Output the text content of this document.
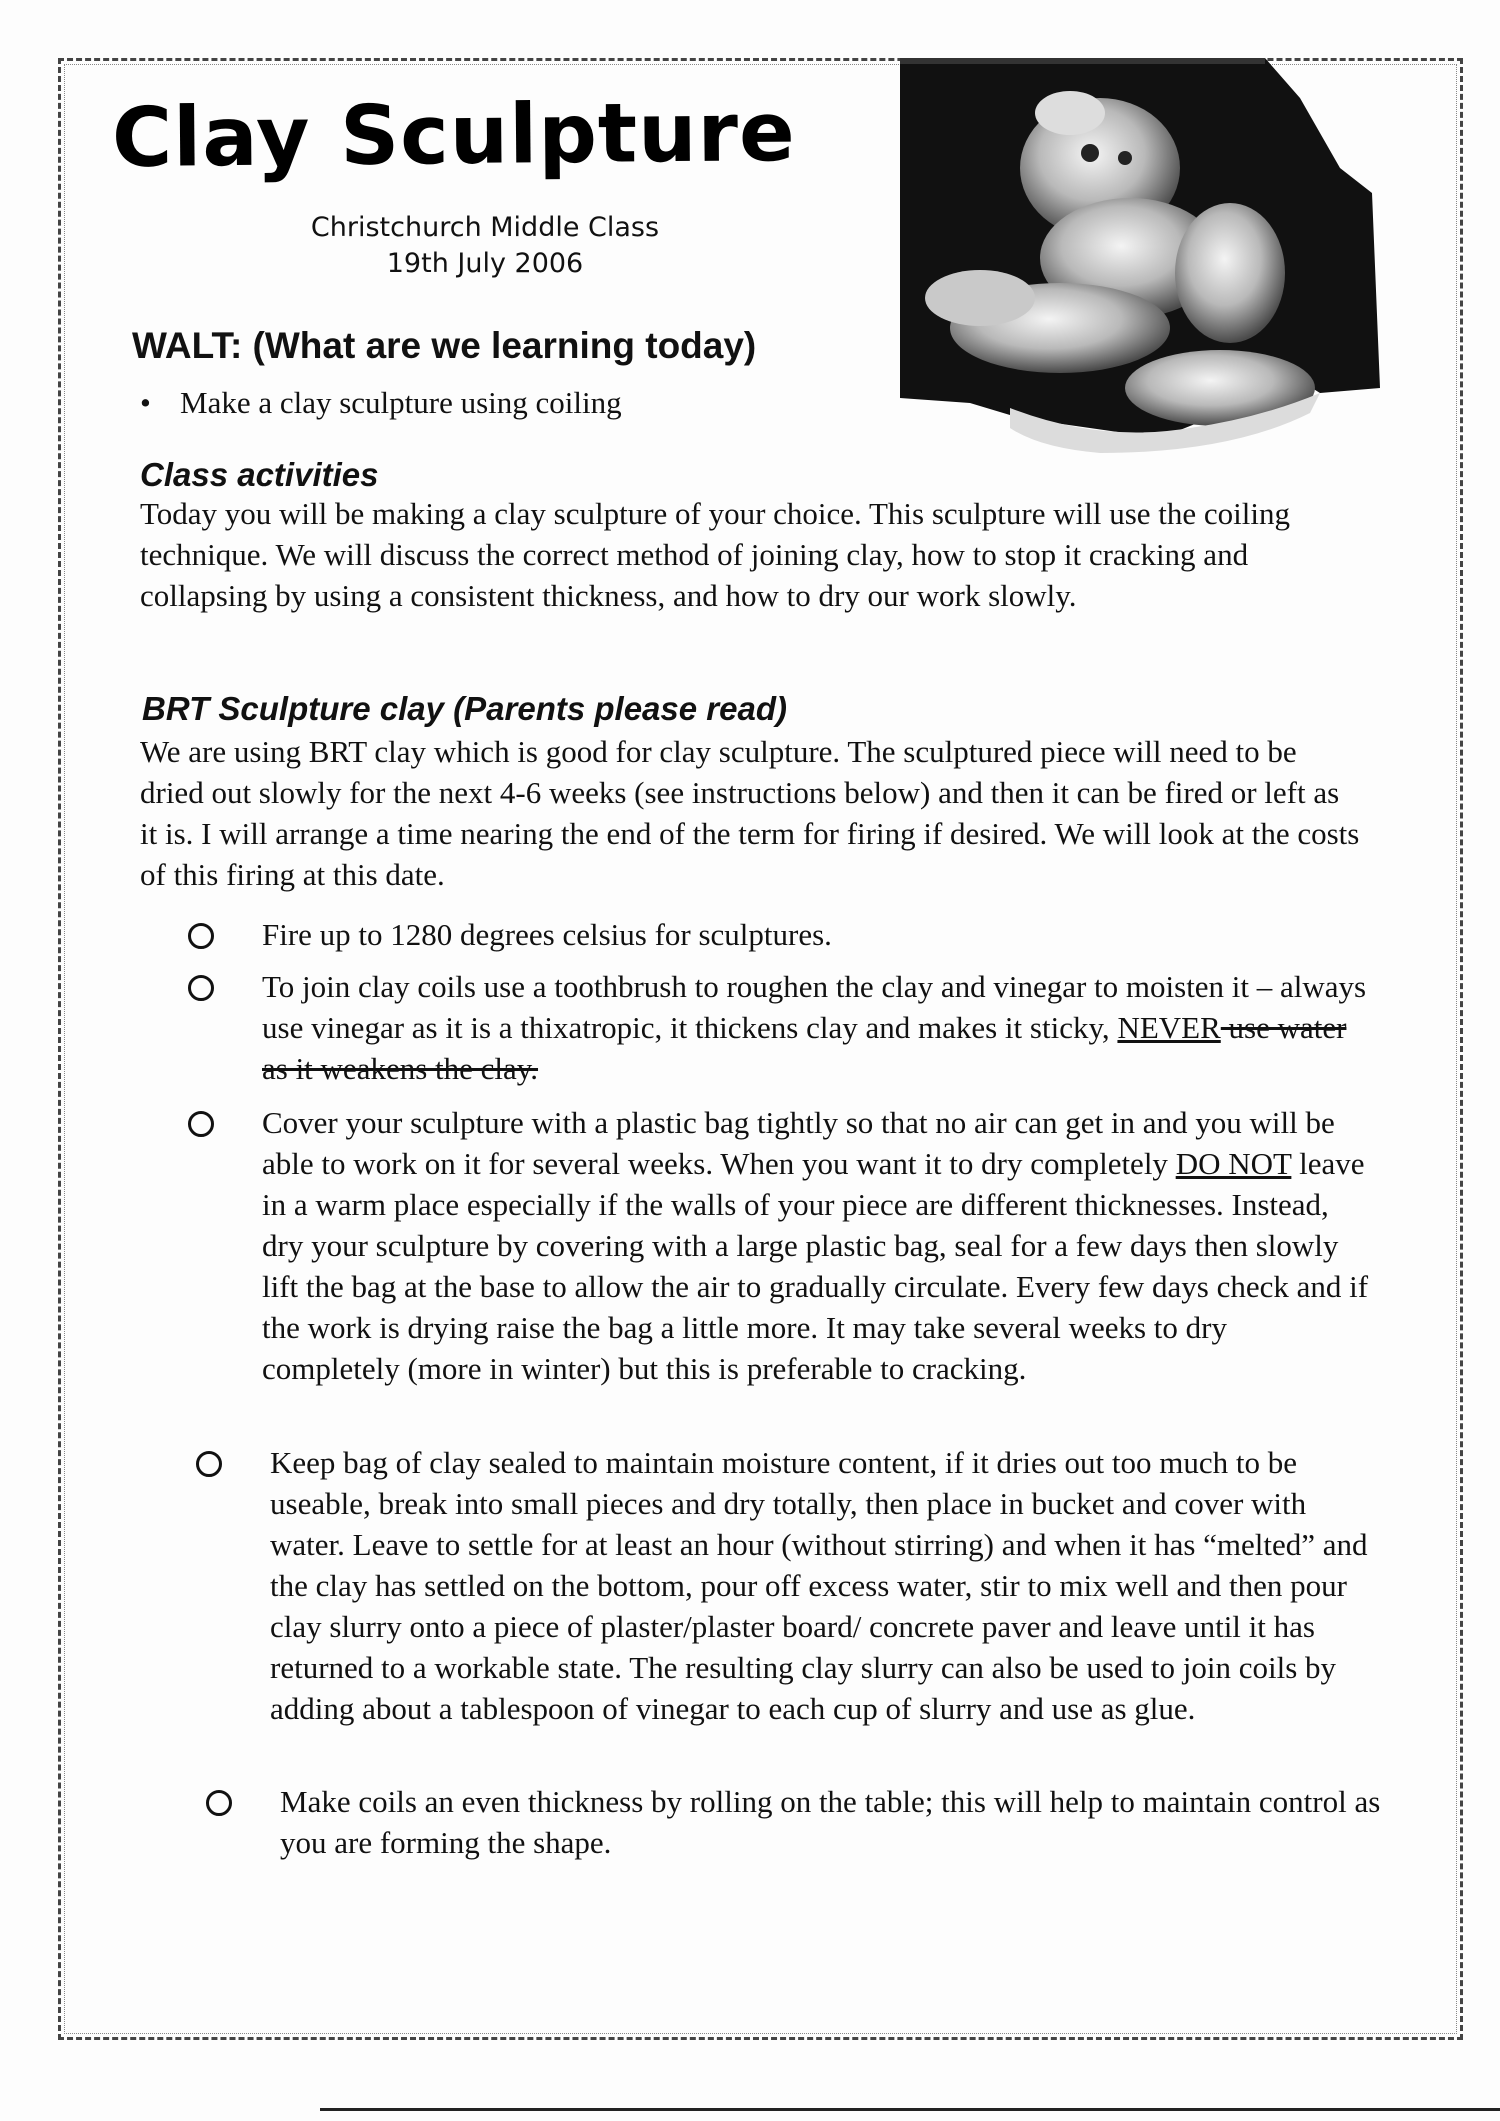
Clay Sculpture
Christchurch Middle Class
19th July 2006
WALT: (What are we learning today)
• Make a clay sculpture using coiling
Class activities

Today you will be making a clay sculpture of your choice. This sculpture will use the coiling technique. We will discuss the correct method of joining clay, how to stop it cracking and collapsing by using a consistent thickness, and how to dry our work slowly.

BRT Sculpture clay (Parents please read)

We are using BRT clay which is good for clay sculpture. The sculptured piece will need to be dried out slowly for the next 4-6 weeks (see instructions below) and then it can be fired or left as it is. I will arrange a time nearing the end of the term for firing if desired. We will look at the costs of this firing at this date.

Fire up to 1280 degrees celsius for sculptures.

To join clay coils use a toothbrush to roughen the clay and vinegar to moisten it – always use vinegar as it is a thixatropic, it thickens clay and makes it sticky, NEVER use water as it weakens the clay.

Cover your sculpture with a plastic bag tightly so that no air can get in and you will be able to work on it for several weeks. When you want it to dry completely DO NOT leave in a warm place especially if the walls of your piece are different thicknesses. Instead, dry your sculpture by covering with a large plastic bag, seal for a few days then slowly lift the bag at the base to allow the air to gradually circulate. Every few days check and if the work is drying raise the bag a little more. It may take several weeks to dry completely (more in winter) but this is preferable to cracking.

Keep bag of clay sealed to maintain moisture content, if it dries out too much to be useable, break into small pieces and dry totally, then place in bucket and cover with water. Leave to settle for at least an hour (without stirring) and when it has “melted” and the clay has settled on the bottom, pour off excess water, stir to mix well and then pour clay slurry onto a piece of plaster/plaster board/ concrete paver and leave until it has returned to a workable state. The resulting clay slurry can also be used to join coils by adding about a tablespoon of vinegar to each cup of slurry and use as glue.

Make coils an even thickness by rolling on the table; this will help to maintain control as you are forming the shape.
